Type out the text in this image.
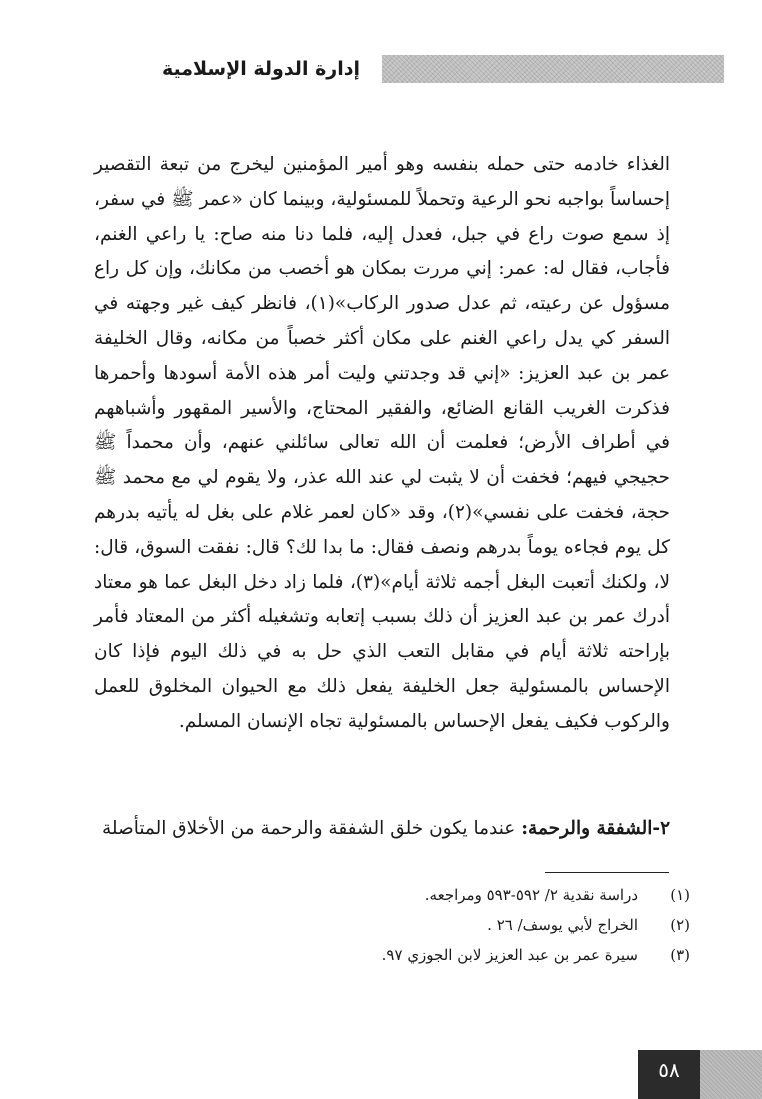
إدارة الدولة الإسلامية

الغذاء خادمه حتى حمله بنفسه وهو أمير المؤمنين ليخرج من تبعة التقصير إحساساً بواجبه نحو الرعية وتحملاً للمسئولية، وبينما كان «عمر ﷺ في سفر، إذ سمع صوت راع في جبل، فعدل إليه، فلما دنا منه صاح: يا راعي الغنم، فأجاب، فقال له: عمر: إني مررت بمكان هو أخصب من مكانك، وإن كل راع مسؤول عن رعيته، ثم عدل صدور الركاب»(١)، فانظر كيف غير وجهته في السفر كي يدل راعي الغنم على مكان أكثر خصباً من مكانه، وقال الخليفة عمر بن عبد العزيز: «إني قد وجدتني وليت أمر هذه الأمة أسودها وأحمرها فذكرت الغريب القانع الضائع، والفقير المحتاج، والأسير المقهور وأشباههم في أطراف الأرض؛ فعلمت أن الله تعالى سائلني عنهم، وأن محمداً ﷺ حجيجي فيهم؛ فخفت أن لا يثبت لي عند الله عذر، ولا يقوم لي مع محمد ﷺ حجة، فخفت على نفسي»(٢)، وقد «كان لعمر غلام على بغل له يأتيه بدرهم كل يوم فجاءه يوماً بدرهم ونصف فقال: ما بدا لك؟ قال: نفقت السوق، قال: لا، ولكنك أتعبت البغل أجمه ثلاثة أيام»(٣)، فلما زاد دخل البغل عما هو معتاد أدرك عمر بن عبد العزيز أن ذلك بسبب إتعابه وتشغيله أكثر من المعتاد فأمر بإراحته ثلاثة أيام في مقابل التعب الذي حل به في ذلك اليوم فإذا كان الإحساس بالمسئولية جعل الخليفة يفعل ذلك مع الحيوان المخلوق للعمل والركوب فكيف يفعل الإحساس بالمسئولية تجاه الإنسان المسلم.

٢-الشفقة والرحمة: عندما يكون خلق الشفقة والرحمة من الأخلاق المتأصلة
(١)
دراسة نقدية ٢/ ٥٩٢-٥٩٣ ومراجعه.
(٢)
الخراج لأبي يوسف/ ٢٦ .
(٣)
سيرة عمر بن عبد العزيز لابن الجوزي ٩٧.
٥٨
